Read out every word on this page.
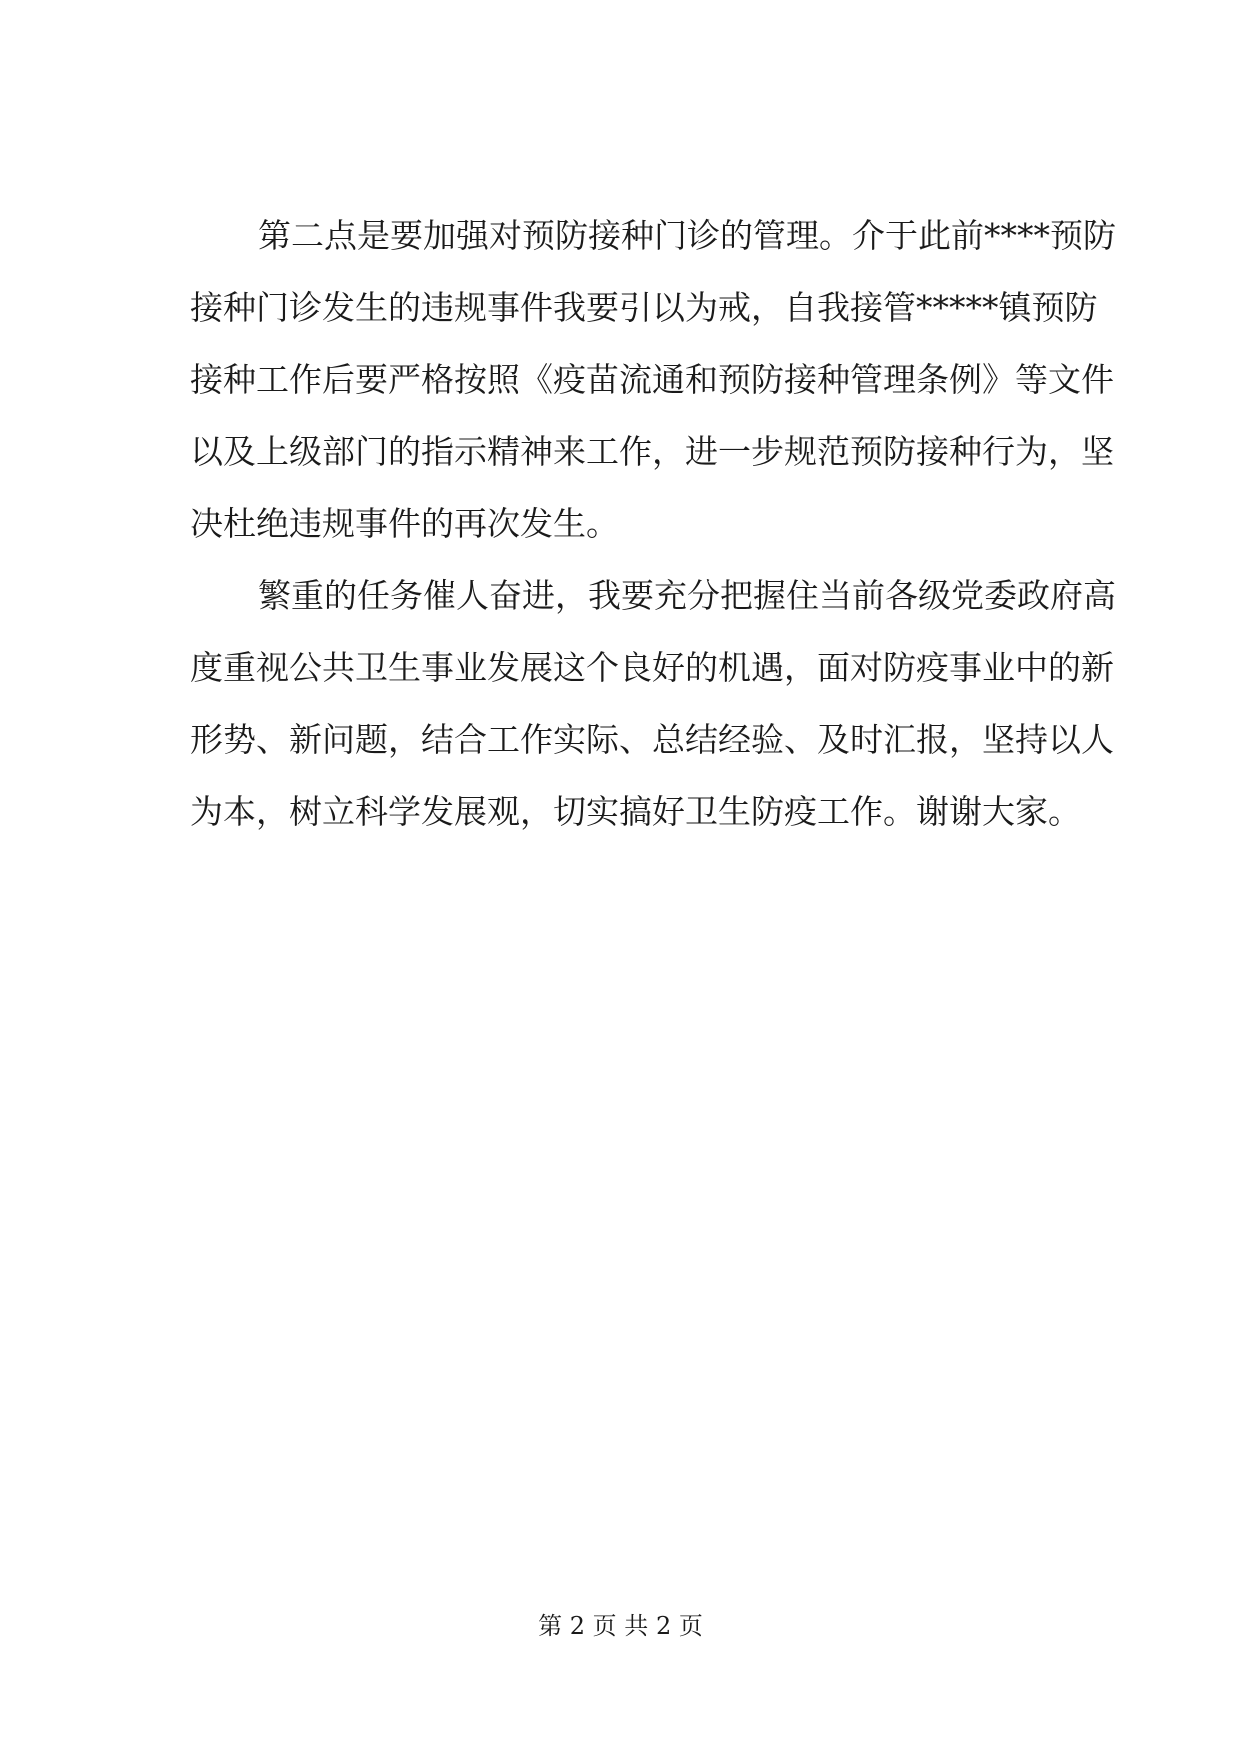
第二点是要加强对预防接种门诊的管理。介于此前****预防
接种门诊发生的违规事件我要引以为戒，自我接管*****镇预防
接种工作后要严格按照《疫苗流通和预防接种管理条例》等文件
以及上级部门的指示精神来工作，进一步规范预防接种行为，坚
决杜绝违规事件的再次发生。
繁重的任务催人奋进，我要充分把握住当前各级党委政府高
度重视公共卫生事业发展这个良好的机遇，面对防疫事业中的新
形势、新问题，结合工作实际、总结经验、及时汇报，坚持以人
为本，树立科学发展观，切实搞好卫生防疫工作。谢谢大家。
第 2 页 共 2 页
